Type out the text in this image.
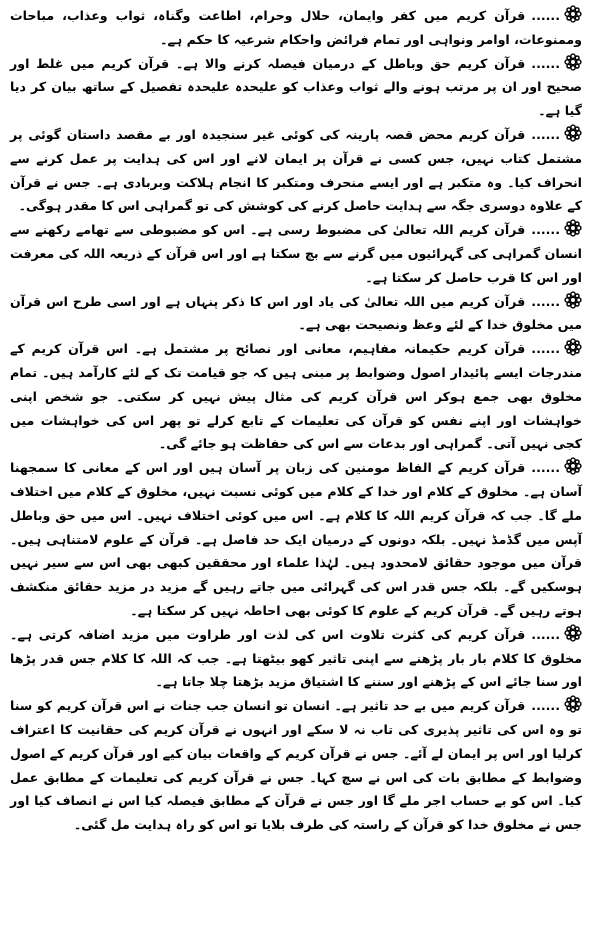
......قرآن کریم میں کفر وایمان، حلال وحرام، اطاعت وگناہ، ثواب وعذاب، مباحات وممنوعات، اوامر ونواہی اور تمام فرائض واحکام شرعیہ کا حکم ہے۔

......قرآن کریم حق وباطل کے درمیان فیصلہ کرنے والا ہے۔ قرآن کریم میں غلط اور صحیح اور ان پر مرتب ہونے والے ثواب وعذاب کو علیحدہ علیحدہ تفصیل کے ساتھ بیان کر دیا گیا ہے۔

......قرآن کریم محض قصہ پارینہ کی کوئی غیر سنجیدہ اور بے مقصد داستان گوئی پر مشتمل کتاب نہیں، جس کسی نے قرآن پر ایمان لانے اور اس کی ہدایت پر عمل کرنے سے انحراف کیا۔ وہ متکبر ہے اور ایسے منحرف ومتکبر کا انجام ہلاکت وبربادی ہے۔ جس نے قرآن کے علاوہ دوسری جگہ سے ہدایت حاصل کرنے کی کوشش کی تو گمراہی اس کا مقدر ہوگی۔

......قرآن کریم اللہ تعالیٰ کی مضبوط رسی ہے۔ اس کو مضبوطی سے تھامے رکھنے سے انسان گمراہی کی گہرائیوں میں گرنے سے بچ سکتا ہے اور اس قرآن کے ذریعہ اللہ کی معرفت اور اس کا قرب حاصل کر سکتا ہے۔

......قرآن کریم میں اللہ تعالیٰ کی یاد اور اس کا ذکر پنہاں ہے اور اسی طرح اس قرآن میں مخلوق خدا کے لئے وعظ ونصیحت بھی ہے۔

......قرآن کریم حکیمانہ مفاہیم، معانی اور نصائح پر مشتمل ہے۔ اس قرآن کریم کے مندرجات ایسے پائیدار اصول وضوابط پر مبنی ہیں کہ جو قیامت تک کے لئے کارآمد ہیں۔ تمام مخلوق بھی جمع ہوکر اس قرآن کریم کی مثال پیش نہیں کر سکتی۔ جو شخص اپنی خواہشات اور اپنے نفس کو قرآن کی تعلیمات کے تابع کرلے تو پھر اس کی خواہشات میں کجی نہیں آتی۔ گمراہی اور بدعات سے اس کی حفاظت ہو جائے گی۔

......قرآن کریم کے الفاظ مومنین کی زبان پر آسان ہیں اور اس کے معانی کا سمجھنا آسان ہے۔ مخلوق کے کلام اور خدا کے کلام میں کوئی نسبت نہیں، مخلوق کے کلام میں اختلاف ملے گا۔ جب کہ قرآن کریم اللہ کا کلام ہے۔ اس میں کوئی اختلاف نہیں۔ اس میں حق وباطل آپس میں گڈمڈ نہیں۔ بلکہ دونوں کے درمیان ایک حد فاصل ہے۔ قرآن کے علوم لامتناہی ہیں۔ قرآن میں موجود حقائق لامحدود ہیں۔ لہٰذا علماء اور محققین کبھی بھی اس سے سیر نہیں ہوسکیں گے۔ بلکہ جس قدر اس کی گہرائی میں جاتے رہیں گے مزید در مزید حقائق منکشف ہوتے رہیں گے۔ قرآن کریم کے علوم کا کوئی بھی احاطہ نہیں کر سکتا ہے۔

......قرآن کریم کی کثرت تلاوت اس کی لذت اور طراوت میں مزید اضافہ کرتی ہے۔ مخلوق کا کلام بار بار پڑھنے سے اپنی تاثیر کھو بیٹھتا ہے۔ جب کہ اللہ کا کلام جس قدر پڑھا اور سنا جائے اس کے پڑھنے اور سننے کا اشتیاق مزید بڑھتا چلا جاتا ہے۔

......قرآن کریم میں بے حد تاثیر ہے۔ انسان تو انسان جب جنات نے اس قرآن کریم کو سنا تو وہ اس کی تاثیر پذیری کی تاب نہ لا سکے اور انہوں نے قرآن کریم کی حقانیت کا اعتراف کرلیا اور اس پر ایمان لے آئے۔ جس نے قرآن کریم کے واقعات بیان کیے اور قرآن کریم کے اصول وضوابط کے مطابق بات کی اس نے سچ کہا۔ جس نے قرآن کریم کی تعلیمات کے مطابق عمل کیا۔ اس کو بے حساب اجر ملے گا اور جس نے قرآن کے مطابق فیصلہ کیا اس نے انصاف کیا اور جس نے مخلوق خدا کو قرآن کے راستہ کی طرف بلایا تو اس کو راہ ہدایت مل گئی۔
